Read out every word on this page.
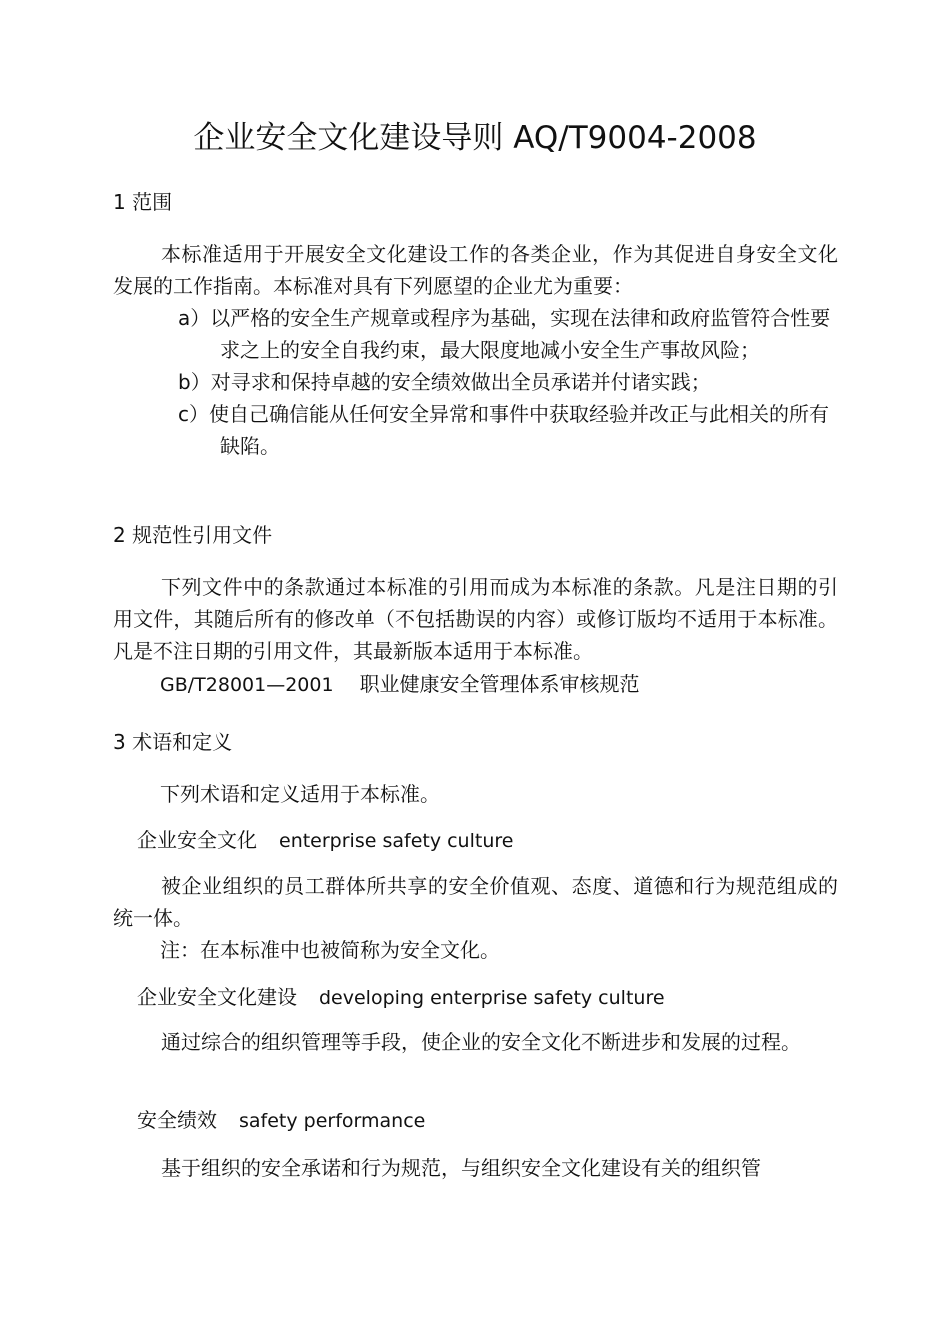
企业安全文化建设导则 AQ/T9004-2008
1 范围

本标准适用于开展安全文化建设工作的各类企业，作为其促进自身安全文化发展的工作指南。本标准对具有下列愿望的企业尤为重要：

a）以严格的安全生产规章或程序为基础，实现在法律和政府监管符合性要求之上的安全自我约束，最大限度地减小安全生产事故风险；
b）对寻求和保持卓越的安全绩效做出全员承诺并付诸实践；
c）使自己确信能从任何安全异常和事件中获取经验并改正与此相关的所有缺陷。
2 规范性引用文件

下列文件中的条款通过本标准的引用而成为本标准的条款。凡是注日期的引用文件，其随后所有的修改单（不包括勘误的内容）或修订版均不适用于本标准。凡是不注日期的引用文件，其最新版本适用于本标准。

GB/T28001—2001 职业健康安全管理体系审核规范
3 术语和定义
下列术语和定义适用于本标准。
企业安全文化 enterprise safety culture

被企业组织的员工群体所共享的安全价值观、态度、道德和行为规范组成的统一体。

注：在本标准中也被简称为安全文化。
企业安全文化建设 developing enterprise safety culture

通过综合的组织管理等手段，使企业的安全文化不断进步和发展的过程。

安全绩效 safety performance

基于组织的安全承诺和行为规范，与组织安全文化建设有关的组织管
